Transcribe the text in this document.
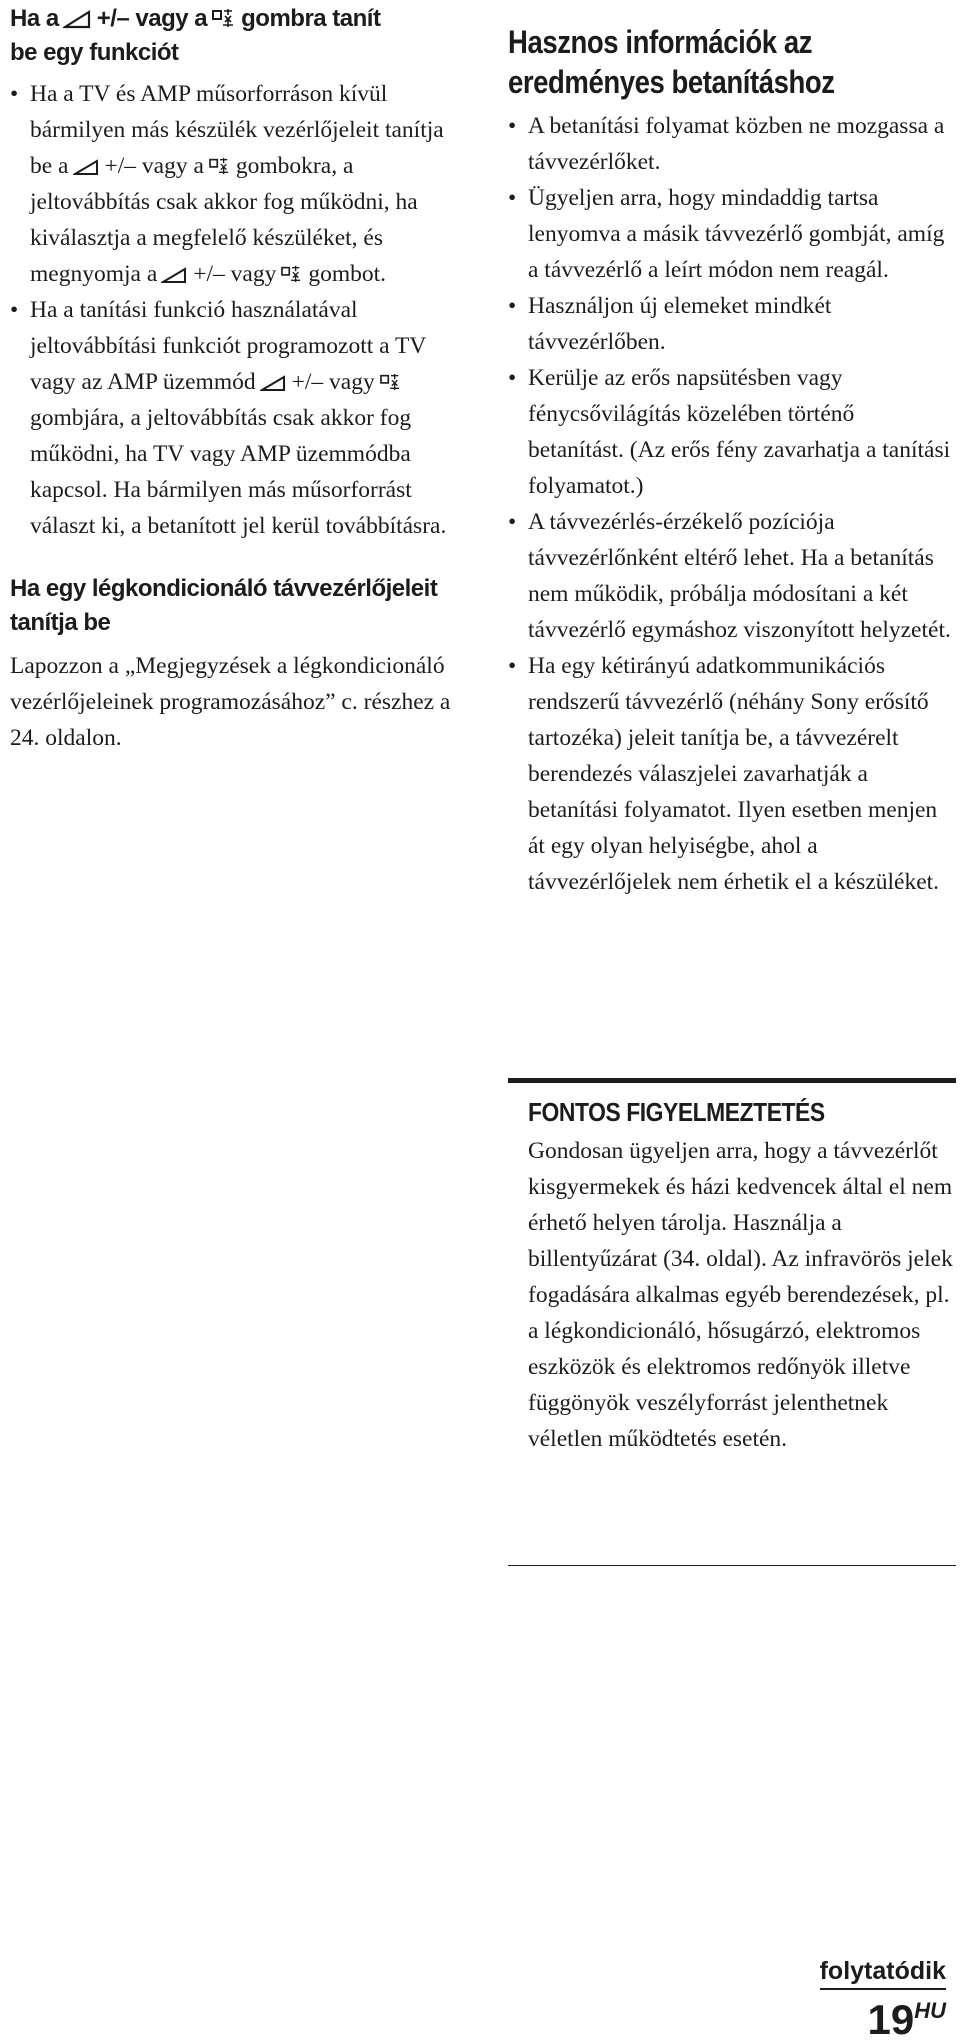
Ha a +/– vagy a gombra tanít
be egy funkciót
• Ha a TV és AMP műsorforráson kívül bármilyen más készülék vezérlőjeleit tanítja be a +/– vagy a gombokra, a jeltovábbítás csak akkor fog működni, ha kiválasztja a megfelelő készüléket, és megnyomja a +/– vagy gombot.
• Ha a tanítási funkció használatával jeltovábbítási funkciót programozott a TV vagy az AMP üzemmód +/– vagy
gombjára, a jeltovábbítás csak akkor fog működni, ha TV vagy AMP üzemmódba kapcsol. Ha bármilyen más műsorforrást választ ki, a betanított jel kerül továbbításra.
Ha egy légkondicionáló távvezérlőjeleit tanítja be

Lapozzon a „Megjegyzések a légkondicionáló vezérlőjeleinek programozásához” c. részhez a 24. oldalon.

Hasznos információk az
eredményes betanításhoz
• A betanítási folyamat közben ne mozgassa a távvezérlőket.
• Ügyeljen arra, hogy mindaddig tartsa lenyomva a másik távvezérlő gombját, amíg a távvezérlő a leírt módon nem reagál.
• Használjon új elemeket mindkét távvezérlőben.
• Kerülje az erős napsütésben vagy fénycsővilágítás közelében történő betanítást. (Az erős fény zavarhatja a tanítási folyamatot.)
• A távvezérlés-érzékelő pozíciója távvezérlőnként eltérő lehet. Ha a betanítás nem működik, próbálja módosítani a két távvezérlő egymáshoz viszonyított helyzetét.
• Ha egy kétirányú adatkommunikációs rendszerű távvezérlő (néhány Sony erősítő tartozéka) jeleit tanítja be, a távvezérelt berendezés válaszjelei zavarhatják a betanítási folyamatot. Ilyen esetben menjen át egy olyan helyiségbe, ahol a távvezérlőjelek nem érhetik el a készüléket.
FONTOS FIGYELMEZTETÉS

Gondosan ügyeljen arra, hogy a távvezérlőt kisgyermekek és házi kedvencek által el nem érhető helyen tárolja. Használja a billentyűzárat (34. oldal). Az infravörös jelek fogadására alkalmas egyéb berendezések, pl. a légkondicionáló, hősugárzó, elektromos eszközök és elektromos redőnyök illetve függönyök veszélyforrást jelenthetnek véletlen működtetés esetén.

folytatódik
$19^{HU}$
